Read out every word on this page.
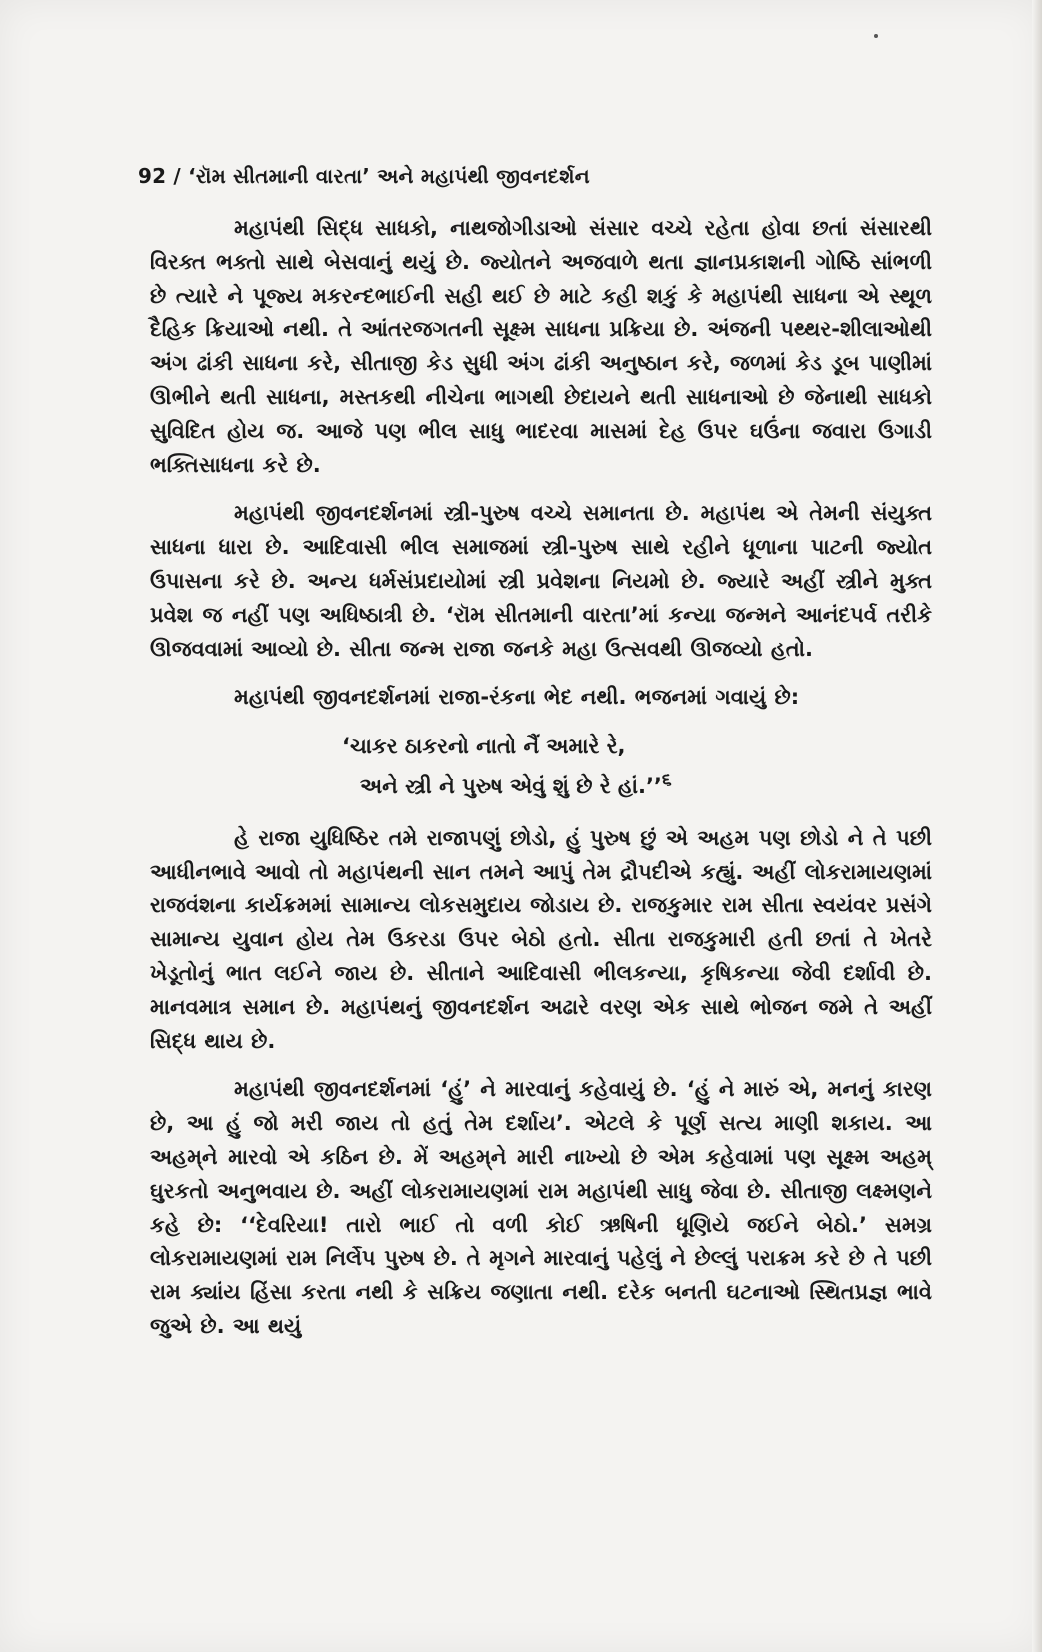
92 / ‘રૉમ સીતમાની વારતા’ અને મહાપંથી જીવનદર્શન

મહાપંથી સિદ્ધ સાધકો, નાથજોગીડાઓ સંસાર વચ્ચે રહેતા હોવા છતાં સંસારથી વિરક્ત ભક્તો સાથે બેસવાનું થયું છે. જ્યોતને અજવાળે થતા જ્ઞાનપ્રકાશની ગોષ્ઠિ સાંભળી છે ત્યારે ને પૂજ્ય મકરન્દભાઈની સહી થઈ છે માટે કહી શકું કે મહાપંથી સાધના એ સ્થૂળ દૈહિક ક્રિયાઓ નથી. તે આંતરજગતની સૂક્ષ્મ સાધના પ્રક્રિયા છે. અંજની પથ્થર-શીલાઓથી અંગ ઢાંકી સાધના કરે, સીતાજી કેડ સુધી અંગ ઢાંકી અનુષ્ઠાન કરે, જળમાં કેડ ડૂબ પાણીમાં ઊભીને થતી સાધના, મસ્તકથી નીચેના ભાગથી છેદાયને થતી સાધનાઓ છે જેનાથી સાધકો સુવિદિત હોય જ. આજે પણ ભીલ સાધુ ભાદરવા માસમાં દેહ ઉપર ઘઉંના જવારા ઉગાડી ભક્તિસાધના કરે છે.

મહાપંથી જીવનદર્શનમાં સ્ત્રી-પુરુષ વચ્ચે સમાનતા છે. મહાપંથ એ તેમની સંયુક્ત સાધના ધારા છે. આદિવાસી ભીલ સમાજમાં સ્ત્રી-પુરુષ સાથે રહીને ધૂળાના પાટની જ્યોત ઉપાસના કરે છે. અન્ય ધર્મસંપ્રદાયોમાં સ્ત્રી પ્રવેશના નિયમો છે. જ્યારે અહીં સ્ત્રીને મુક્ત પ્રવેશ જ નહીં પણ અધિષ્ઠાત્રી છે. ‘રૉમ સીતમાની વારતા’માં કન્યા જન્મને આનંદપર્વ તરીકે ઊજવવામાં આવ્યો છે. સીતા જન્મ રાજા જનકે મહા ઉત્સવથી ઊજવ્યો હતો.

મહાપંથી જીવનદર્શનમાં રાજા-રંકના ભેદ નથી. ભજનમાં ગવાયું છે:

‘ચાકર ઠાકરનો નાતો નૈં અમારે રે,
અને સ્ત્રી ને પુરુષ એવું શું છે રે હાં.’’$^૬$

હે રાજા યુધિષ્ઠિર તમે રાજાપણું છોડો, હું પુરુષ છું એ અહમ પણ છોડો ને તે પછી આધીનભાવે આવો તો મહાપંથની સાન તમને આપું તેમ દ્રૌપદીએ કહ્યું. અહીં લોકરામાયણમાં રાજવંશના કાર્યક્રમમાં સામાન્ય લોકસમુદાય જોડાય છે. રાજકુમાર રામ સીતા સ્વયંવર પ્રસંગે સામાન્ય યુવાન હોય તેમ ઉકરડા ઉપર બેઠો હતો. સીતા રાજકુમારી હતી છતાં તે ખેતરે ખેડૂતોનું ભાત લઈને જાય છે. સીતાને આદિવાસી ભીલકન્યા, કૃષિકન્યા જેવી દર્શાવી છે. માનવમાત્ર સમાન છે. મહાપંથનું જીવનદર્શન અઢારે વરણ એક સાથે ભોજન જમે તે અહીં સિદ્ધ થાય છે.

મહાપંથી જીવનદર્શનમાં ‘હું’ ને મારવાનું કહેવાયું છે. ‘હું ને મારું એ, મનનું કારણ છે, આ હું જો મરી જાય તો હતું તેમ દર્શાય’. એટલે કે પૂર્ણ સત્ય માણી શકાય. આ અહમ્‌ને મારવો એ કઠિન છે. મેં અહમ્‌ને મારી નાખ્યો છે એમ કહેવામાં પણ સૂક્ષ્મ અહમ્ ઘુરકતો અનુભવાય છે. અહીં લોકરામાયણમાં રામ મહાપંથી સાધુ જેવા છે. સીતાજી લક્ષ્મણને કહે છે: ‘‘દેવરિયા! તારો ભાઈ તો વળી કોઈ ઋષિની ધૂણિયે જઈને બેઠો.’ સમગ્ર લોકરામાયણમાં રામ નિર્લેપ પુરુષ છે. તે મૃગને મારવાનું પહેલું ને છેલ્લું પરાક્રમ કરે છે તે પછી રામ ક્યાંય હિંસા કરતા નથી કે સક્રિય જણાતા નથી. દરેક બનતી ઘટનાઓ સ્થિતપ્રજ્ઞ ભાવે જુએ છે. આ થયું
